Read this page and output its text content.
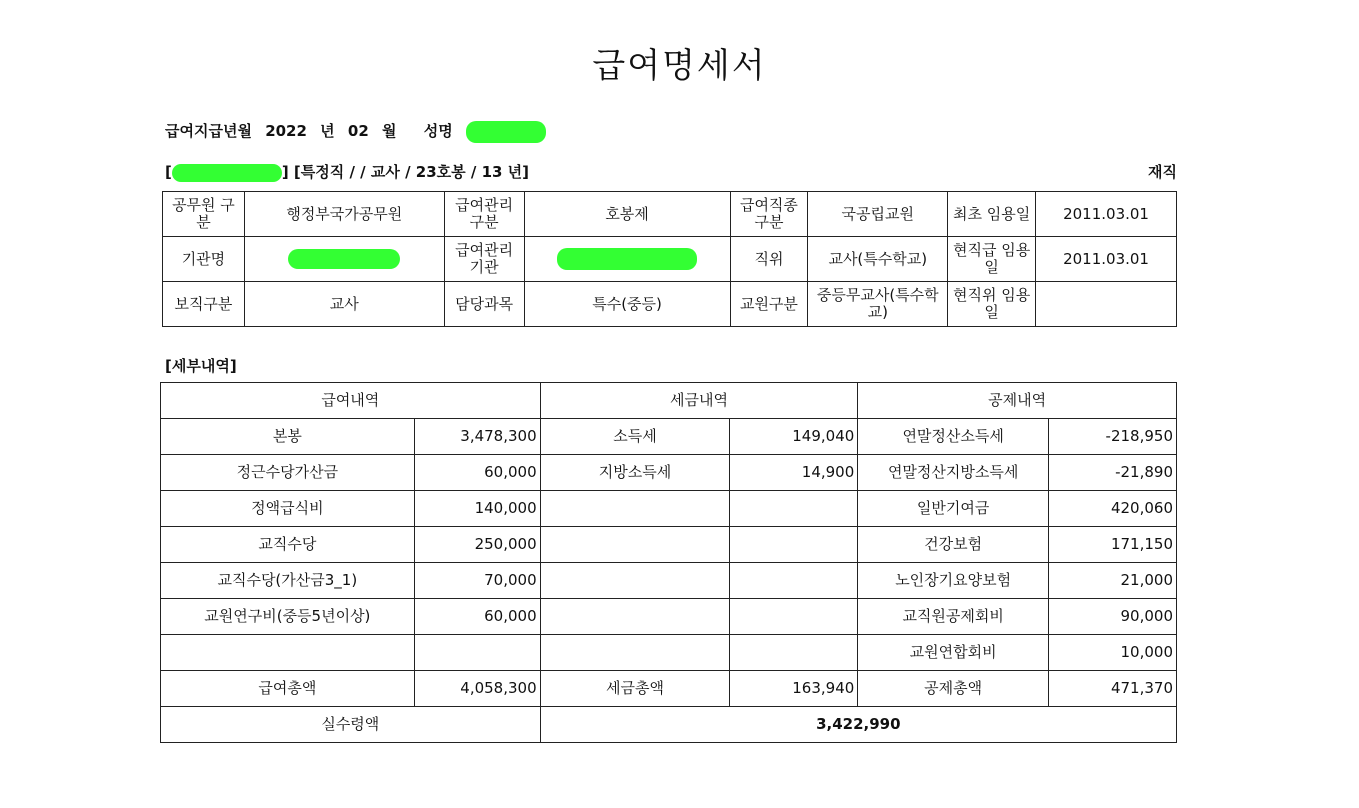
급여명세서
급여지급년월 2022 년 02 월 성명
[	] [특정직 / / 교사 / 23호봉 / 13 년]	재직
공무원 구분	행정부국가공무원	급여관리 구분	호봉제	급여직종 구분	국공립교원	최초 임용일	2011.03.01
기관명		급여관리 기관		직위	교사(특수학교)	현직급 임용일	2011.03.01
보직구분	교사	담당과목	특수(중등)	교원구분	중등무교사(특수학교)	현직위 임용일	
[세부내역]
급여내역		세금내역		공제내역	
본봉	3,478,300	소득세	149,040	연말정산소득세	-218,950
정근수당가산금	60,000	지방소득세	14,900	연말정산지방소득세	-21,890
정액급식비	140,000			일반기여금	420,060
교직수당	250,000			건강보험	171,150
교직수당(가산금3_1)	70,000			노인장기요양보험	21,000
교원연구비(중등5년이상)	60,000			교직원공제회비	90,000
				교원연합회비	10,000
급여총액	4,058,300	세금총액	163,940	공제총액	471,370
실수령액		3,422,990			
